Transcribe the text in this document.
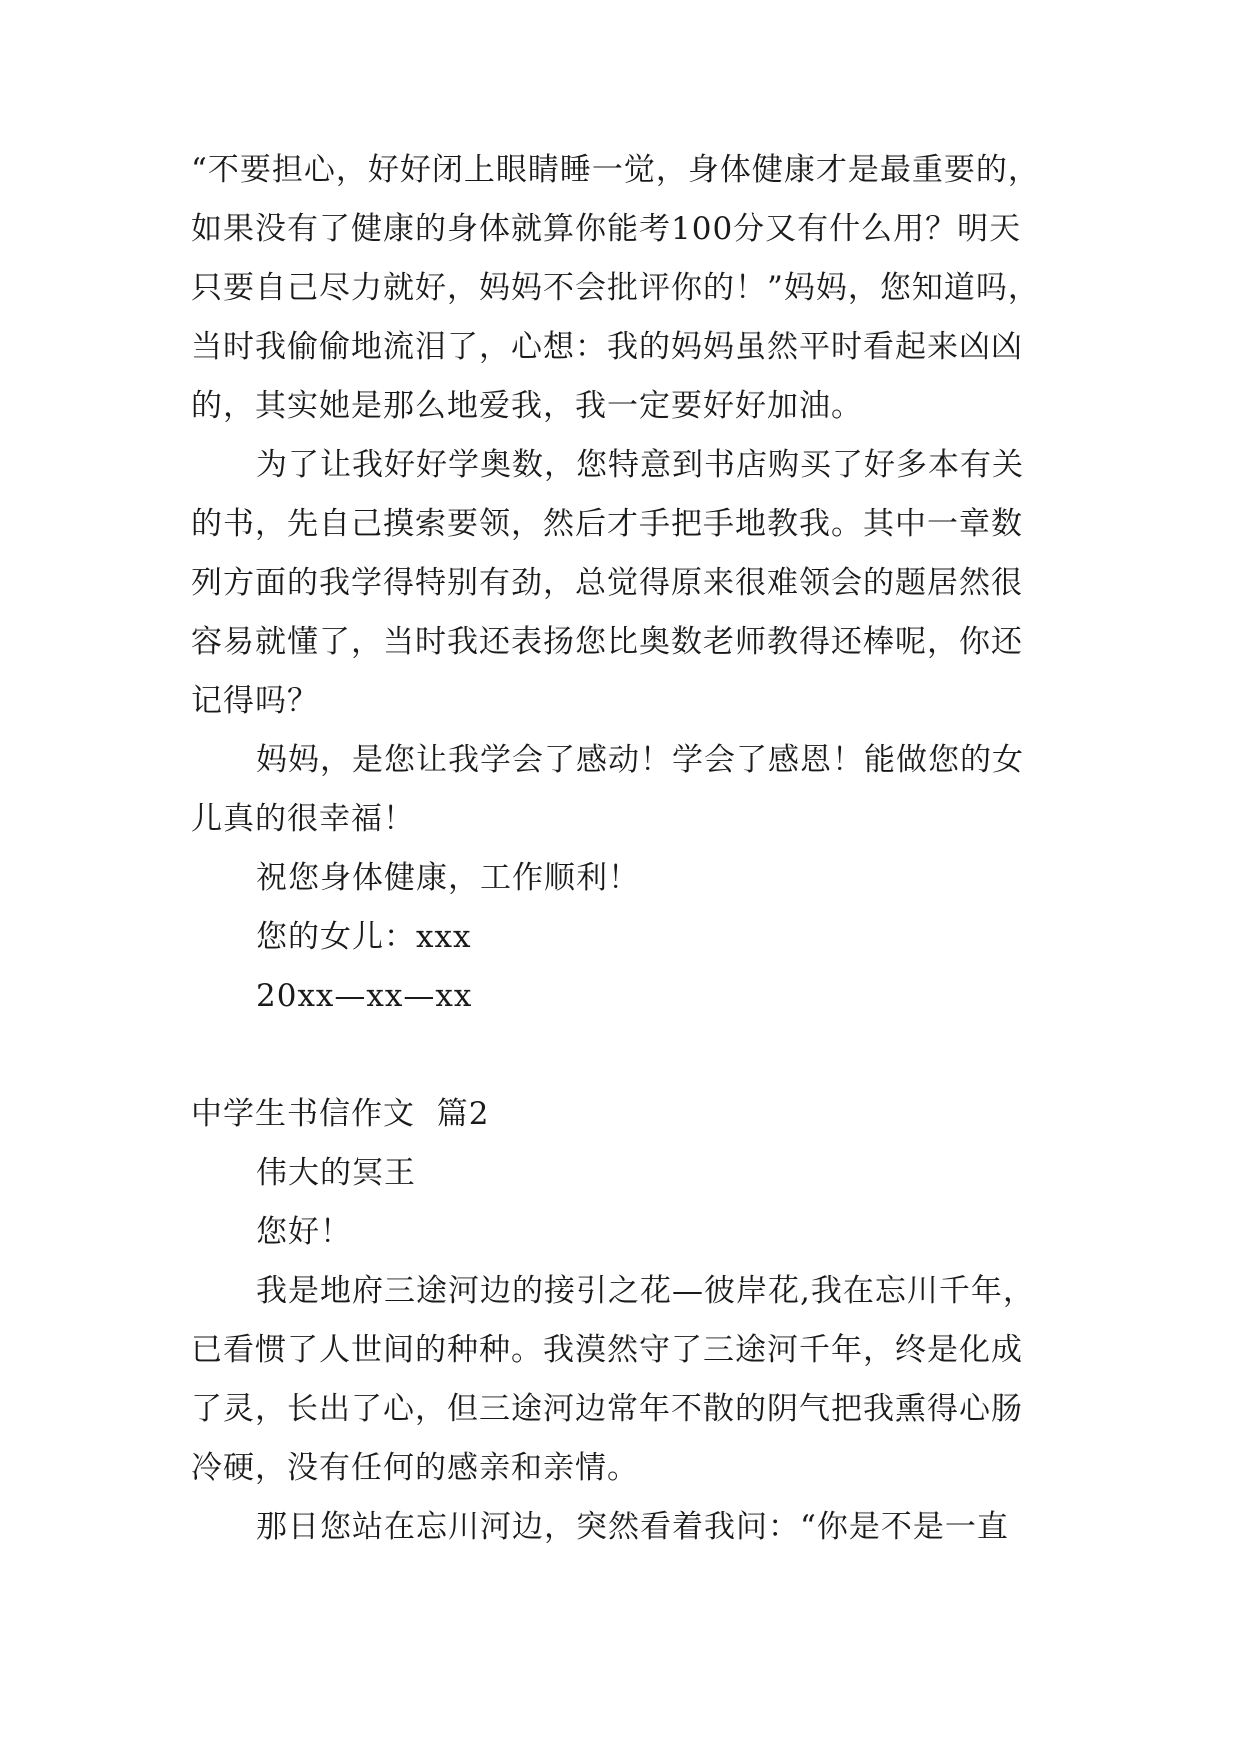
“不要担心，好好闭上眼睛睡一觉，身体健康才是最重要的，
如果没有了健康的身体就算你能考100分又有什么用？明天
只要自己尽力就好，妈妈不会批评你的！”妈妈，您知道吗，
当时我偷偷地流泪了，心想：我的妈妈虽然平时看起来凶凶
的，其实她是那么地爱我，我一定要好好加油。
为了让我好好学奥数，您特意到书店购买了好多本有关
的书，先自己摸索要领，然后才手把手地教我。其中一章数
列方面的我学得特别有劲，总觉得原来很难领会的题居然很
容易就懂了，当时我还表扬您比奥数老师教得还棒呢，你还
记得吗？
妈妈，是您让我学会了感动！学会了感恩！能做您的女
儿真的很幸福！
祝您身体健康，工作顺利！
您的女儿：xxx
20xx—xx—xx
中学生书信作文  篇2
伟大的冥王
您好！
我是地府三途河边的接引之花—彼岸花,我在忘川千年，
已看惯了人世间的种种。我漠然守了三途河千年，终是化成
了灵，长出了心，但三途河边常年不散的阴气把我熏得心肠
冷硬，没有任何的感亲和亲情。
那日您站在忘川河边，突然看着我问：“你是不是一直
